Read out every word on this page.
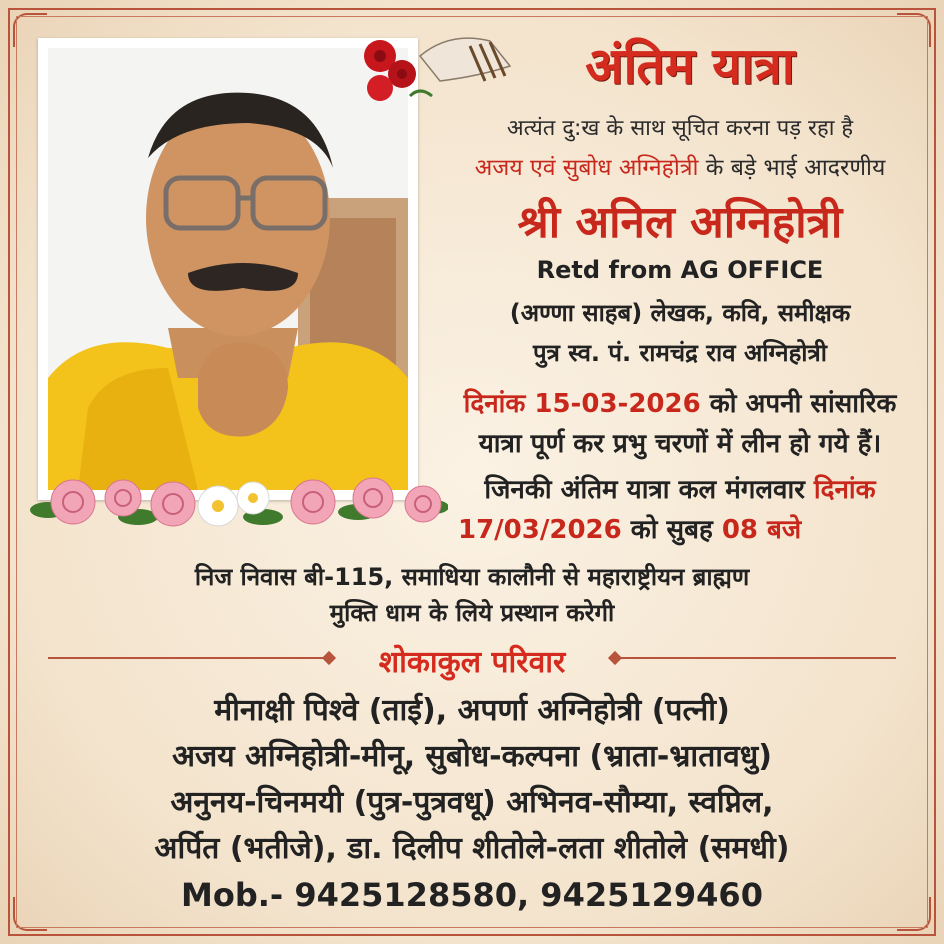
अंतिम यात्रा
अत्यंत दु:ख के साथ सूचित करना पड़ रहा है
अजय एवं सुबोध अग्निहोत्री के बड़े भाई आदरणीय
श्री अनिल अग्निहोत्री
Retd from AG OFFICE
(अण्णा साहब) लेखक, कवि, समीक्षक
पुत्र स्व. पं. रामचंद्र राव अग्निहोत्री
दिनांक 15-03-2026 को अपनी सांसारिक
यात्रा पूर्ण कर प्रभु चरणों में लीन हो गये हैं।
जिनकी अंतिम यात्रा कल मंगलवार दिनांक
17/03/2026 को सुबह 08 बजे
निज निवास बी-115, समाधिया कालौनी से महाराष्ट्रीयन ब्राह्मण
मुक्ति धाम के लिये प्रस्थान करेगी
शोकाकुल परिवार
मीनाक्षी पिश्वे (ताई), अपर्णा अग्निहोत्री (पत्नी)
अजय अग्निहोत्री-मीनू, सुबोध-कल्पना (भ्राता-भ्रातावधु)
अनुनय-चिनमयी (पुत्र-पुत्रवधू) अभिनव-सौम्या, स्वप्निल,
अर्पित (भतीजे), डा. दिलीप शीतोले-लता शीतोले (समधी)
Mob.- 9425128580, 9425129460
